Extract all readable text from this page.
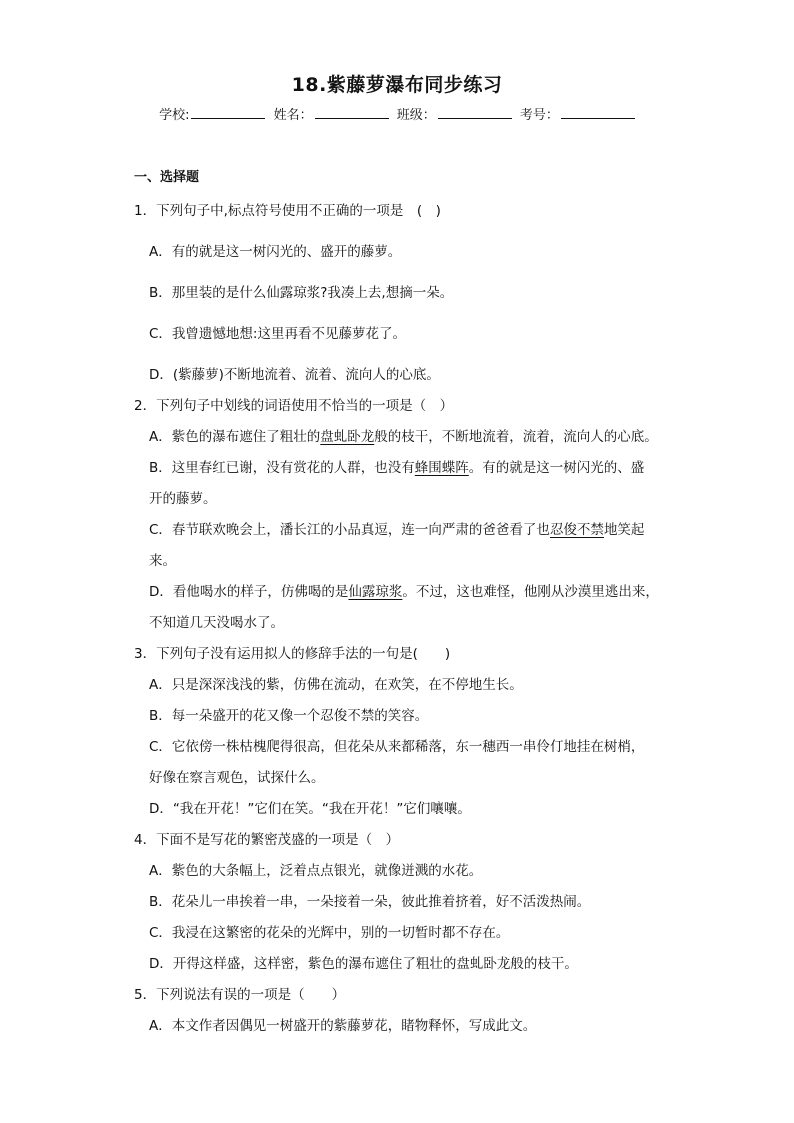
18.紫藤萝瀑布同步练习
学校:	姓名：	班级：	考号：
一、选择题

1．下列句子中,标点符号使用不正确的一项是　(　)

A．有的就是这一树闪光的、盛开的藤萝。

B．那里装的是什么仙露琼浆?我凑上去,想摘一朵。

C．我曾遗憾地想:这里再看不见藤萝花了。

D．(紫藤萝)不断地流着、流着、流向人的心底。

2．下列句子中划线的词语使用不恰当的一项是（　）

A．紫色的瀑布遮住了粗壮的盘虬卧龙般的枝干，不断地流着，流着，流向人的心底。

B．这里春红已谢，没有赏花的人群，也没有蜂围蝶阵。有的就是这一树闪光的、盛
开的藤萝。

C．春节联欢晚会上，潘长江的小品真逗，连一向严肃的爸爸看了也忍俊不禁地笑起
来。

D．看他喝水的样子，仿佛喝的是仙露琼浆。不过，这也难怪，他刚从沙漠里逃出来，
不知道几天没喝水了。

3．下列句子没有运用拟人的修辞手法的一句是(　　)

A．只是深深浅浅的紫，仿佛在流动，在欢笑，在不停地生长。

B．每一朵盛开的花又像一个忍俊不禁的笑容。

C．它依傍一株枯槐爬得很高，但花朵从来都稀落，东一穗西一串伶仃地挂在树梢，
好像在察言观色，试探什么。

D．“我在开花！”它们在笑。“我在开花！”它们嚷嚷。

4．下面不是写花的繁密茂盛的一项是（　）

A．紫色的大条幅上，泛着点点银光，就像迸溅的水花。

B．花朵儿一串挨着一串，一朵接着一朵，彼此推着挤着，好不活泼热闹。

C．我浸在这繁密的花朵的光辉中，别的一切暂时都不存在。

D．开得这样盛，这样密，紫色的瀑布遮住了粗壮的盘虬卧龙般的枝干。

5．下列说法有误的一项是（　　）

A．本文作者因偶见一树盛开的紫藤萝花，睹物释怀，写成此文。
